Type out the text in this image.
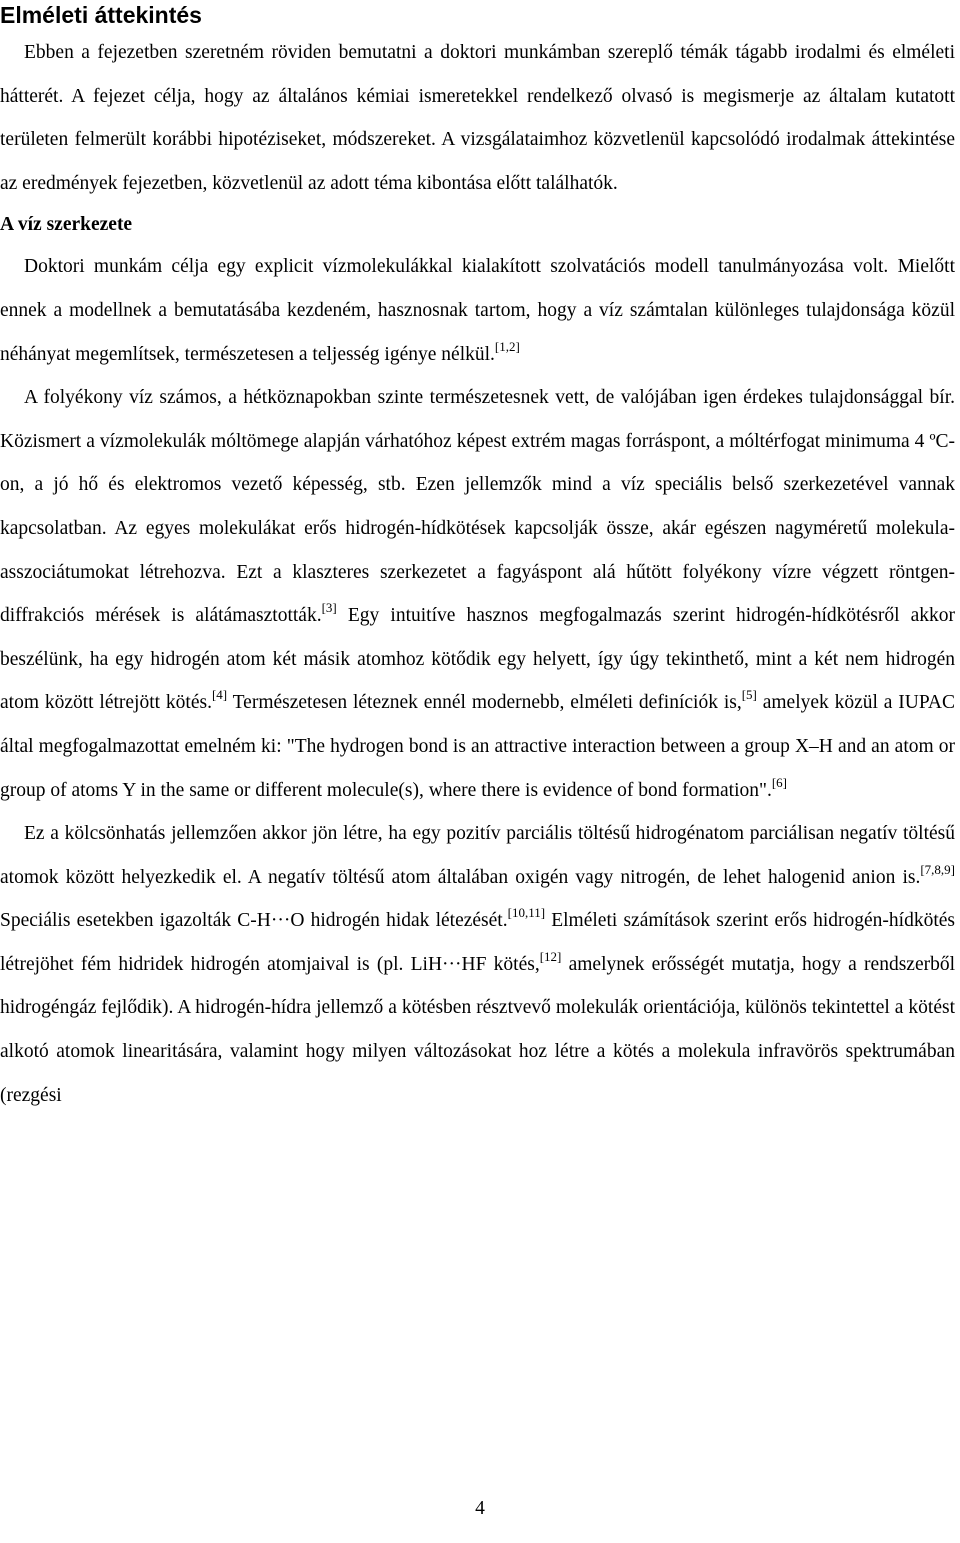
Elméleti áttekintés

Ebben a fejezetben szeretném röviden bemutatni a doktori munkámban szereplő témák tágabb irodalmi és elméleti hátterét. A fejezet célja, hogy az általános kémiai ismeretekkel rendelkező olvasó is megismerje az általam kutatott területen felmerült korábbi hipotéziseket, módszereket. A vizsgálataimhoz közvetlenül kapcsolódó irodalmak áttekintése az eredmények fejezetben, közvetlenül az adott téma kibontása előtt találhatók.

A víz szerkezete

Doktori munkám célja egy explicit vízmolekulákkal kialakított szolvatációs modell tanulmányozása volt. Mielőtt ennek a modellnek a bemutatásába kezdeném, hasznosnak tartom, hogy a víz számtalan különleges tulajdonsága közül néhányat megemlítsek, természetesen a teljesség igénye nélkül.[1,2]

A folyékony víz számos, a hétköznapokban szinte természetesnek vett, de valójában igen érdekes tulajdonsággal bír. Közismert a vízmolekulák móltömege alapján várhatóhoz képest extrém magas forráspont, a móltérfogat minimuma 4 ºC-on, a jó hő és elektromos vezető képesség, stb. Ezen jellemzők mind a víz speciális belső szerkezetével vannak kapcsolatban. Az egyes molekulákat erős hidrogén-hídkötések kapcsolják össze, akár egészen nagyméretű molekula-asszociátumokat létrehozva. Ezt a klaszteres szerkezetet a fagyáspont alá hűtött folyékony vízre végzett röntgen-diffrakciós mérések is alátámasztották.[3] Egy intuitíve hasznos megfogalmazás szerint hidrogén-hídkötésről akkor beszélünk, ha egy hidrogén atom két másik atomhoz kötődik egy helyett, így úgy tekinthető, mint a két nem hidrogén atom között létrejött kötés.[4] Természetesen léteznek ennél modernebb, elméleti definíciók is,[5] amelyek közül a IUPAC által megfogalmazottat emelném ki: "The hydrogen bond is an attractive interaction between a group X–H and an atom or group of atoms Y in the same or different molecule(s), where there is evidence of bond formation".[6]

Ez a kölcsönhatás jellemzően akkor jön létre, ha egy pozitív parciális töltésű hidrogénatom parciálisan negatív töltésű atomok között helyezkedik el. A negatív töltésű atom általában oxigén vagy nitrogén, de lehet halogenid anion is.[7,8,9] Speciális esetekben igazolták C-H···O hidrogén hidak létezését.[10,11] Elméleti számítások szerint erős hidrogén-hídkötés létrejöhet fém hidridek hidrogén atomjaival is (pl. LiH···HF kötés,[12] amelynek erősségét mutatja, hogy a rendszerből hidrogéngáz fejlődik). A hidrogén-hídra jellemző a kötésben résztvevő molekulák orientációja, különös tekintettel a kötést alkotó atomok linearitására, valamint hogy milyen változásokat hoz létre a kötés a molekula infravörös spektrumában (rezgési

4
